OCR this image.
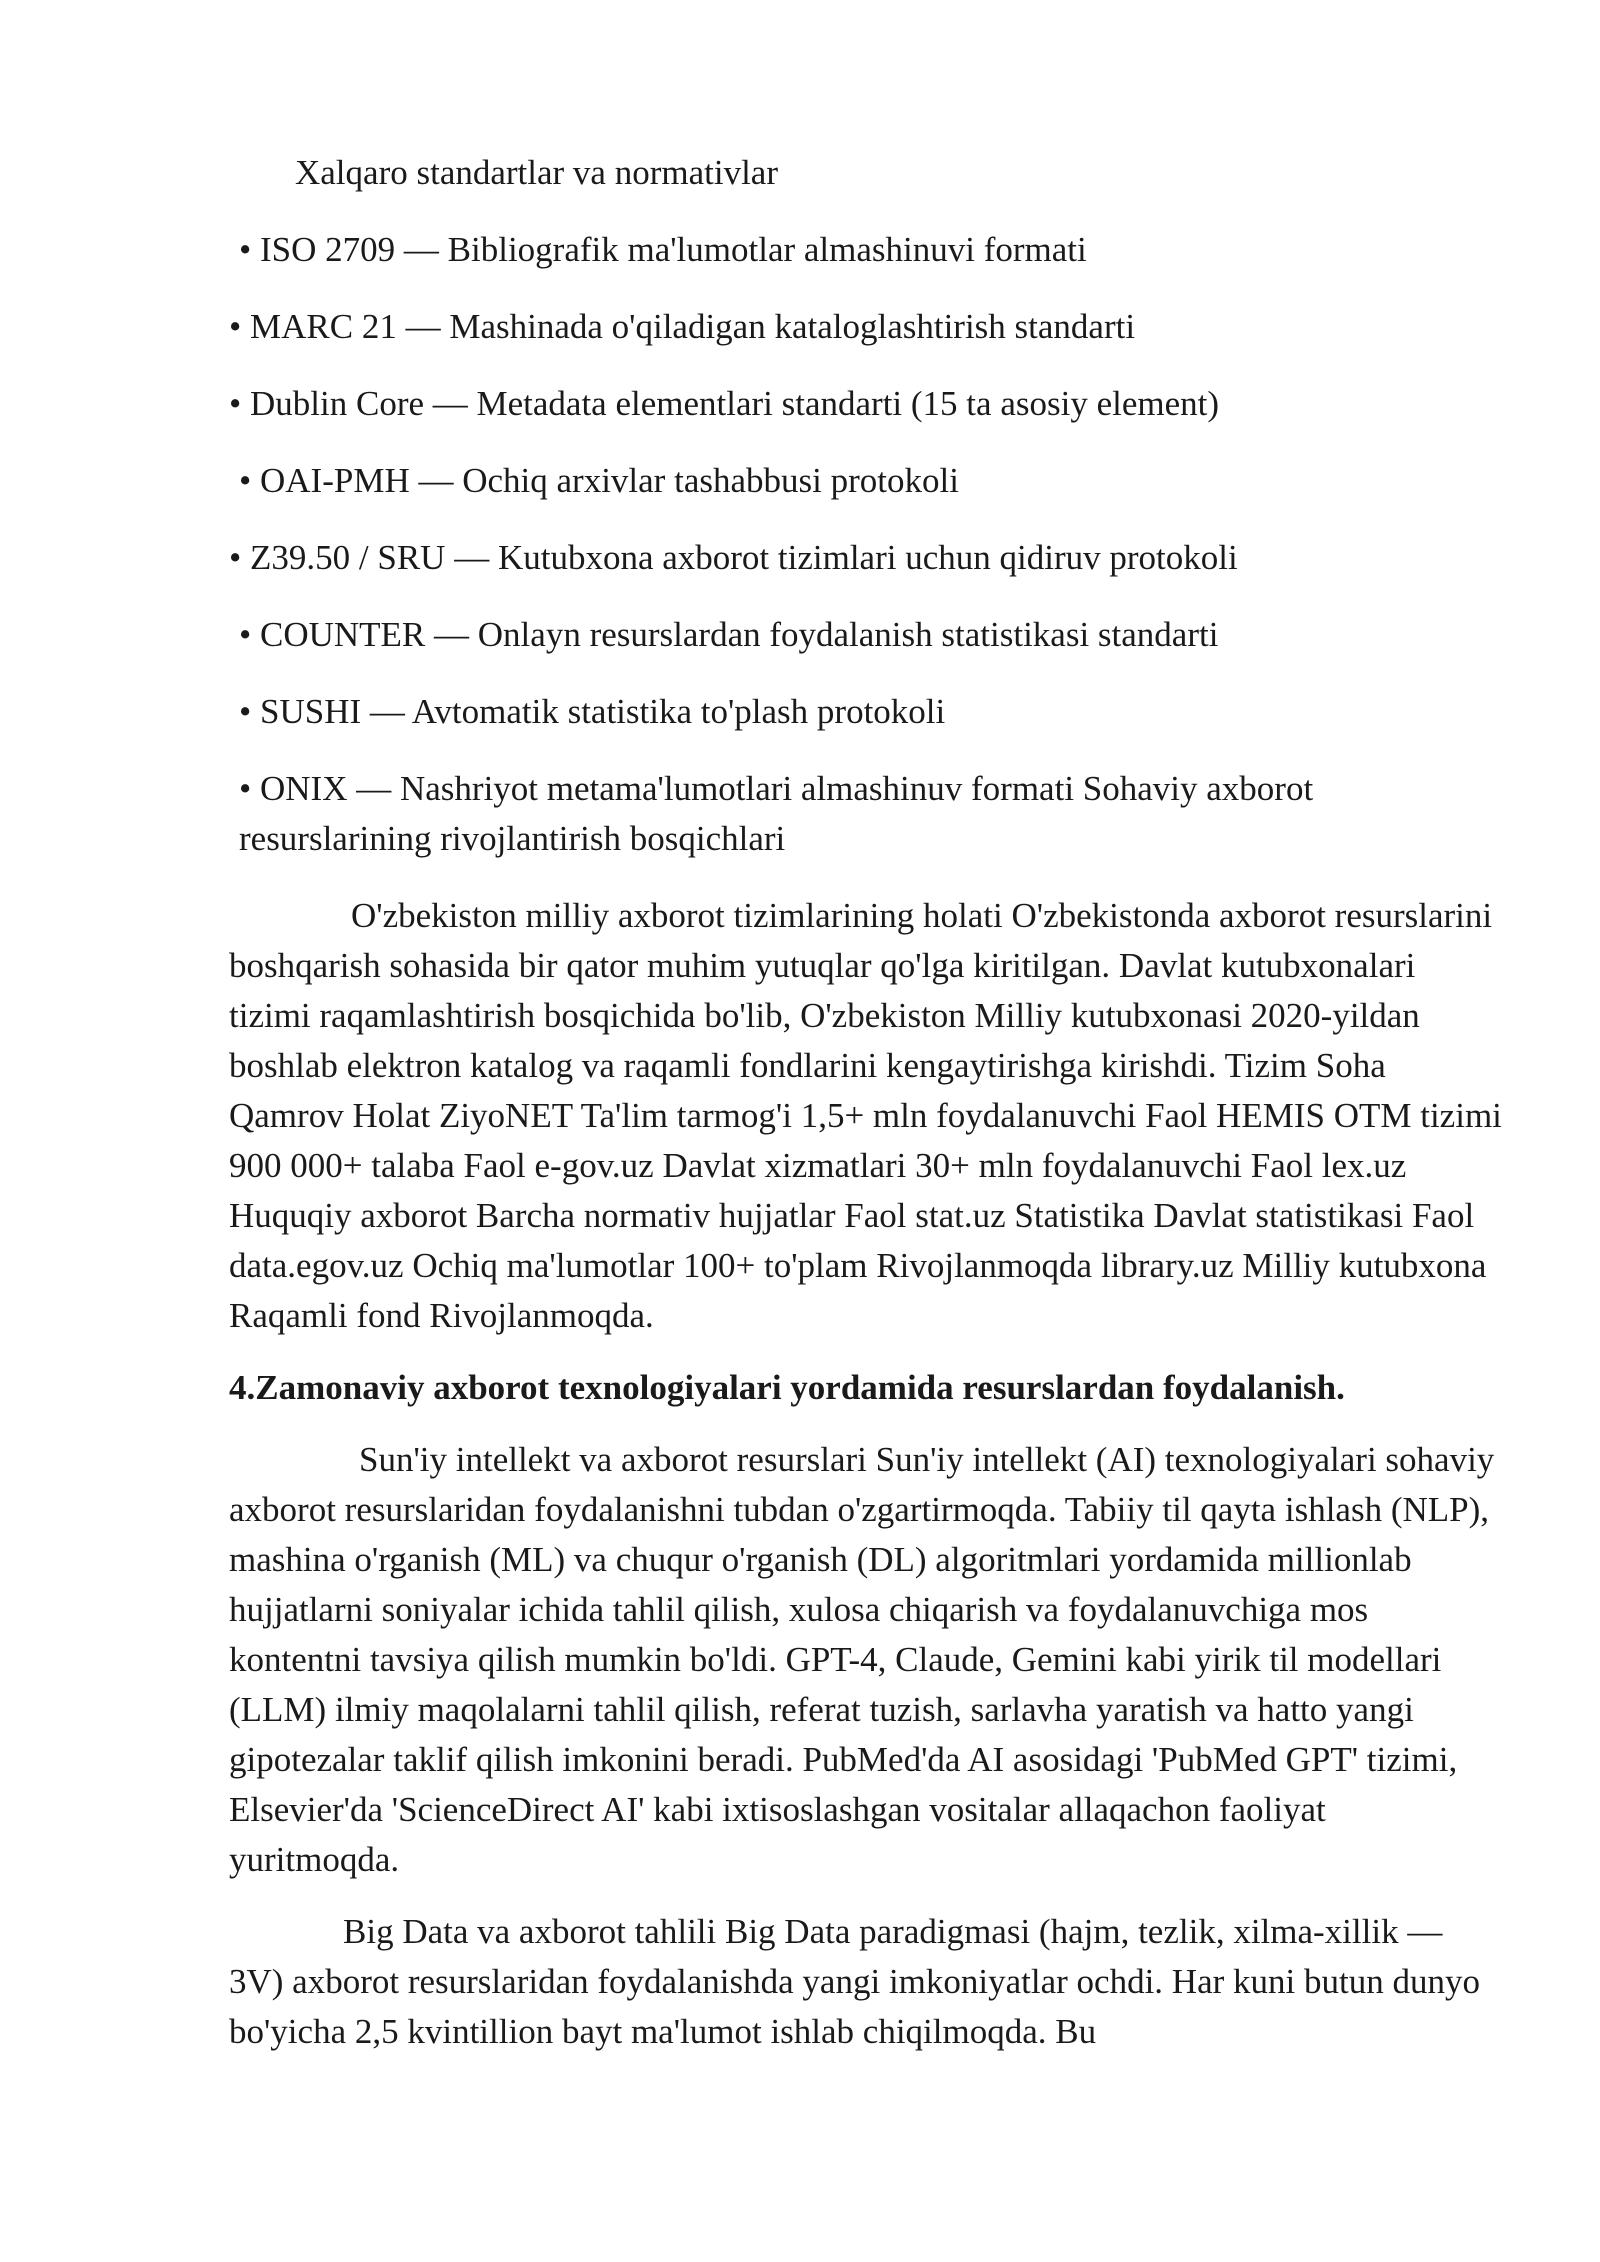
Xalqaro standartlar va normativlar

• ISO 2709 — Bibliografik ma'lumotlar almashinuvi formati

• MARC 21 — Mashinada o'qiladigan kataloglashtirish standarti

• Dublin Core — Metadata elementlari standarti (15 ta asosiy element)

• OAI-PMH — Ochiq arxivlar tashabbusi protokoli

• Z39.50 / SRU — Kutubxona axborot tizimlari uchun qidiruv protokoli

• COUNTER — Onlayn resurslardan foydalanish statistikasi standarti

• SUSHI — Avtomatik statistika to'plash protokoli

• ONIX — Nashriyot metama'lumotlari almashinuv formati Sohaviy axborot resurslarining rivojlantirish bosqichlari

O'zbekiston milliy axborot tizimlarining holati O'zbekistonda axborot resurslarini boshqarish sohasida bir qator muhim yutuqlar qo'lga kiritilgan. Davlat kutubxonalari tizimi raqamlashtirish bosqichida bo'lib, O'zbekiston Milliy kutubxonasi 2020-yildan boshlab elektron katalog va raqamli fondlarini kengaytirishga kirishdi. Tizim Soha Qamrov Holat ZiyoNET Ta'lim tarmog'i 1,5+ mln foydalanuvchi Faol HEMIS OTM tizimi 900 000+ talaba Faol e-gov.uz Davlat xizmatlari 30+ mln foydalanuvchi Faol lex.uz Huquqiy axborot Barcha normativ hujjatlar Faol stat.uz Statistika Davlat statistikasi Faol data.egov.uz Ochiq ma'lumotlar 100+ to'plam Rivojlanmoqda library.uz Milliy kutubxona Raqamli fond Rivojlanmoqda.

4.Zamonaviy axborot texnologiyalari yordamida resurslardan foydalanish.

Sun'iy intellekt va axborot resurslari Sun'iy intellekt (AI) texnologiyalari sohaviy axborot resurslaridan foydalanishni tubdan o'zgartirmoqda. Tabiiy til qayta ishlash (NLP), mashina o'rganish (ML) va chuqur o'rganish (DL) algoritmlari yordamida millionlab hujjatlarni soniyalar ichida tahlil qilish, xulosa chiqarish va foydalanuvchiga mos kontentni tavsiya qilish mumkin bo'ldi. GPT-4, Claude, Gemini kabi yirik til modellari (LLM) ilmiy maqolalarni tahlil qilish, referat tuzish, sarlavha yaratish va hatto yangi gipotezalar taklif qilish imkonini beradi. PubMed'da AI asosidagi 'PubMed GPT' tizimi, Elsevier'da 'ScienceDirect AI' kabi ixtisoslashgan vositalar allaqachon faoliyat yuritmoqda.

Big Data va axborot tahlili Big Data paradigmasi (hajm, tezlik, xilma-xillik — 3V) axborot resurslaridan foydalanishda yangi imkoniyatlar ochdi. Har kuni butun dunyo bo'yicha 2,5 kvintillion bayt ma'lumot ishlab chiqilmoqda. Bu
